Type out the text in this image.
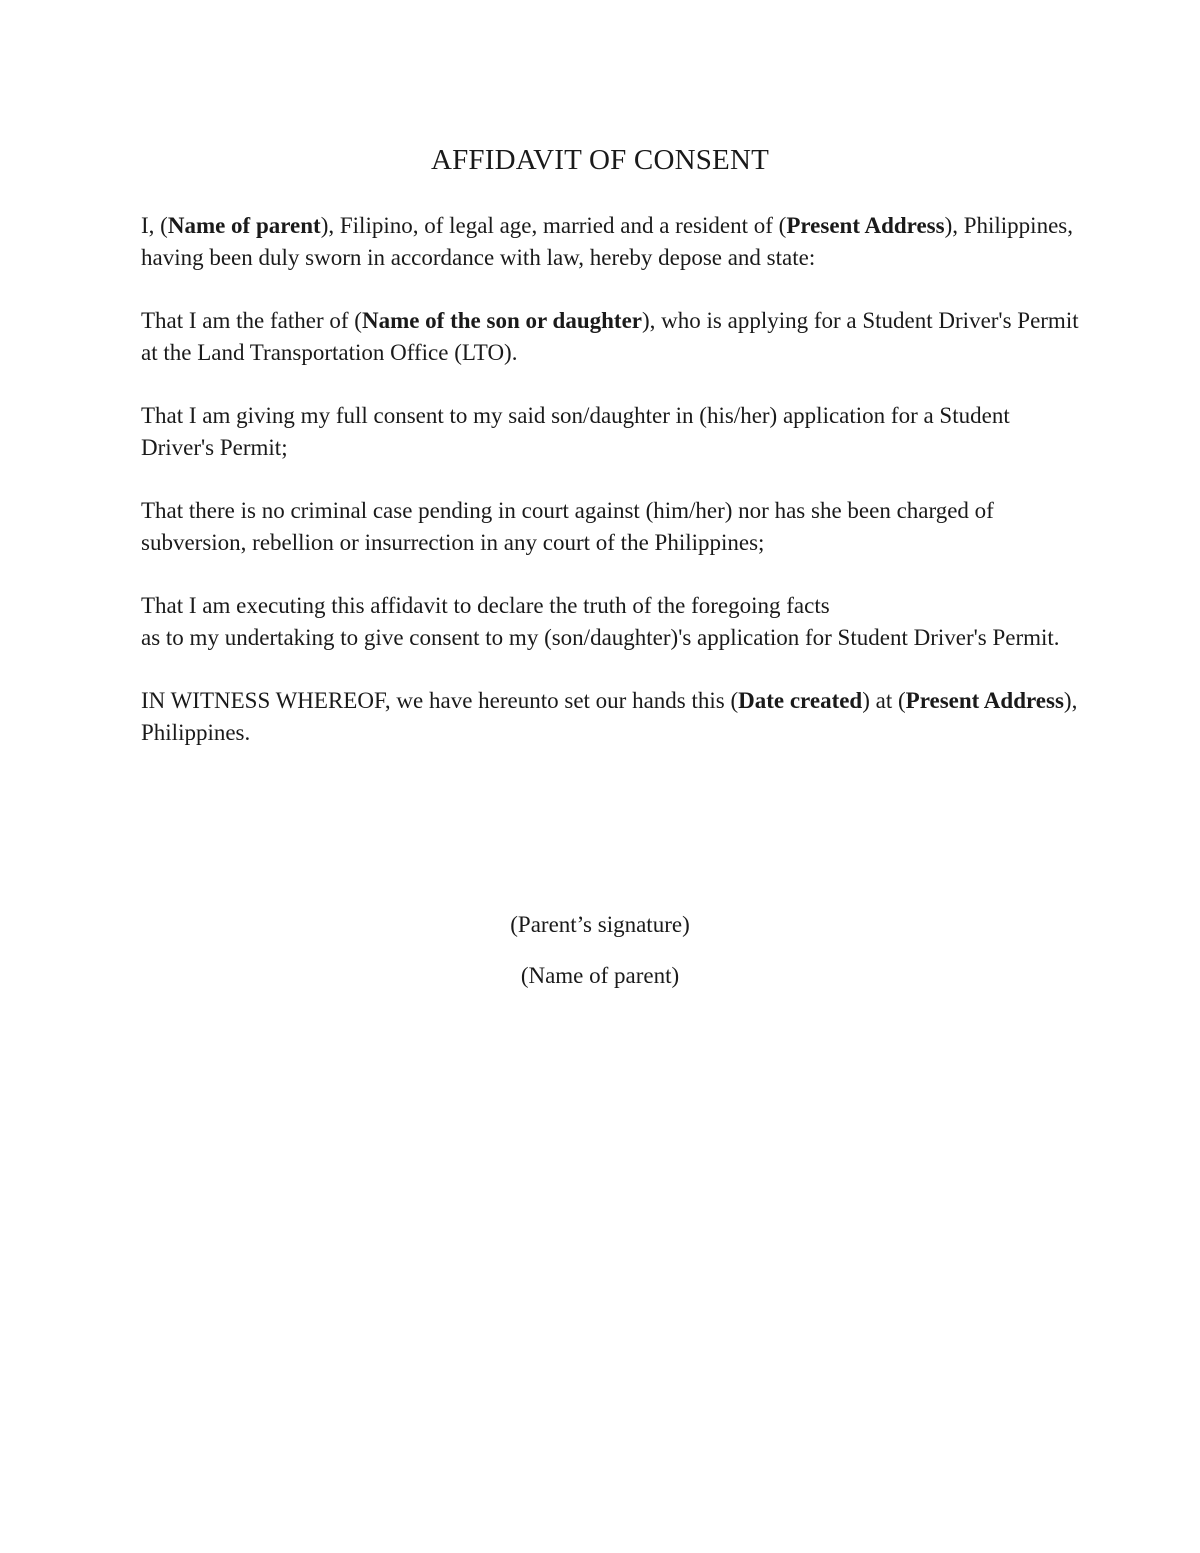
AFFIDAVIT OF CONSENT

I, (Name of parent), Filipino, of legal age, married and a resident of (Present Address), Philippines, having been duly sworn in accordance with law, hereby depose and state:

That I am the father of (Name of the son or daughter), who is applying for a Student Driver's Permit at the Land Transportation Office (LTO).

That I am giving my full consent to my said son/daughter in (his/her) application for a Student Driver's Permit;

That there is no criminal case pending in court against (him/her) nor has she been charged of subversion, rebellion or insurrection in any court of the Philippines;

That I am executing this affidavit to declare the truth of the foregoing facts
as to my undertaking to give consent to my (son/daughter)'s application for Student Driver's Permit.

IN WITNESS WHEREOF, we have hereunto set our hands this (Date created) at (Present Address), Philippines.

(Parent’s signature)
(Name of parent)
